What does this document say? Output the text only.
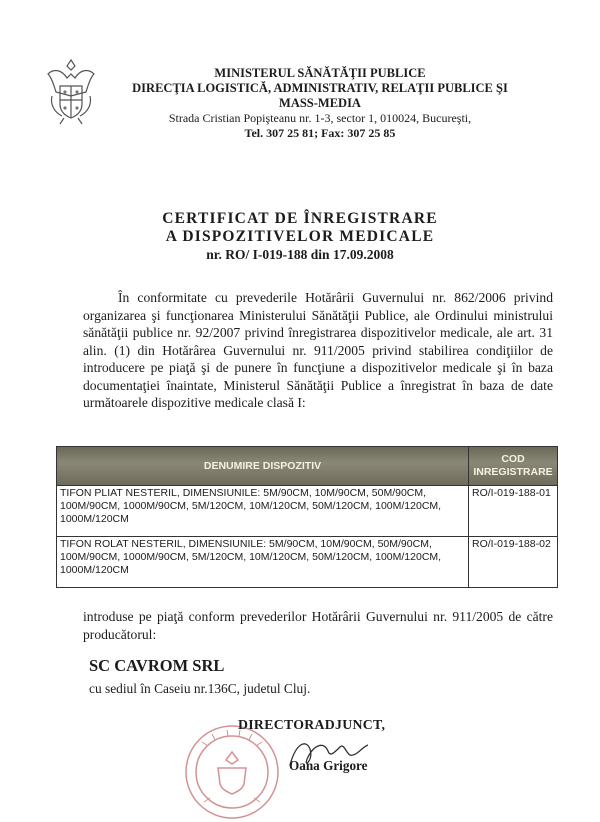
MINISTERUL SĂNĂTĂŢII PUBLICE
DIRECŢIA LOGISTICĂ, ADMINISTRATIV, RELAŢII PUBLICE ŞI
MASS-MEDIA
Strada Cristian Popişteanu nr. 1-3, sector 1, 010024, Bucureşti,
Tel. 307 25 81; Fax: 307 25 85
CERTIFICAT DE ÎNREGISTRARE
A DISPOZITIVELOR MEDICALE
nr. RO/ I-019-188 din 17.09.2008
În conformitate cu prevederile Hotărârii Guvernului nr. 862/2006 privind organizarea şi funcţionarea Ministerului Sănătăţii Publice, ale Ordinului ministrului sănătăţii publice nr. 92/2007 privind înregistrarea dispozitivelor medicale, ale art. 31 alin. (1) din Hotărârea Guvernului nr. 911/2005 privind stabilirea condiţiilor de introducere pe piaţă şi de punere în funcţiune a dispozitivelor medicale şi în baza documentaţiei înaintate, Ministerul Sănătăţii Publice a înregistrat în baza de date următoarele dispozitive medicale clasă I:
DENUMIRE DISPOZITIV	COD INREGISTRARE
TIFON PLIAT NESTERIL, DIMENSIUNILE: 5M/90CM, 10M/90CM, 50M/90CM, 100M/90CM, 1000M/90CM, 5M/120CM, 10M/120CM, 50M/120CM, 100M/120CM, 1000M/120CM	RO/I-019-188-01
TIFON ROLAT NESTERIL, DIMENSIUNILE: 5M/90CM, 10M/90CM, 50M/90CM, 100M/90CM, 1000M/90CM, 5M/120CM, 10M/120CM, 50M/120CM, 100M/120CM, 1000M/120CM	RO/I-019-188-02
introduse pe piaţă conform prevederilor Hotărârii Guvernului nr. 911/2005 de către producătorul:
SC CAVROM SRL
cu sediul în Caseiu nr.136C, judetul Cluj.
DIRECTORADJUNCT,
Oana Grigore
